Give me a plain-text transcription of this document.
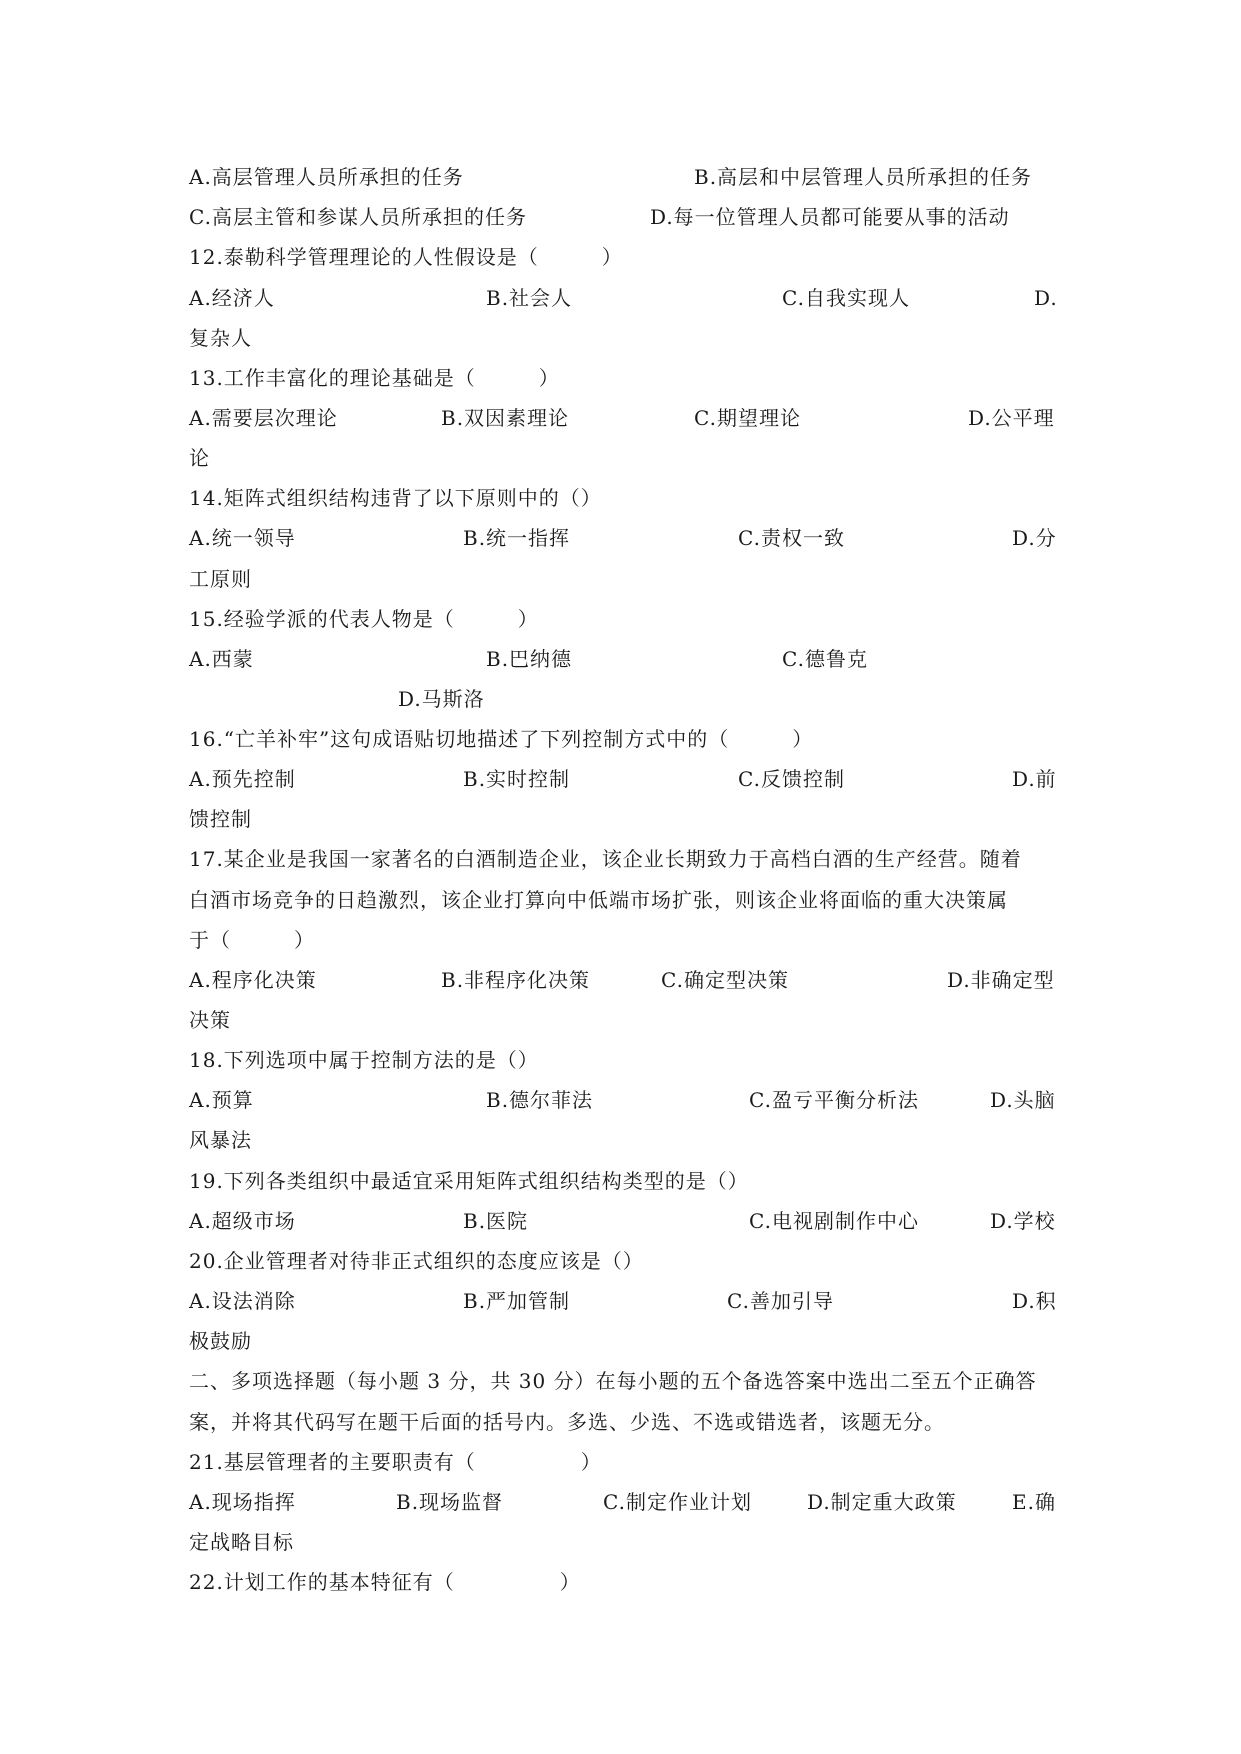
A.高层管理人员所承担的任务	B.高层和中层管理人员所承担的任务
C.高层主管和参谋人员所承担的任务	D.每一位管理人员都可能要从事的活动
12.泰勒科学管理理论的人性假设是（　　　）
A.经济人	B.社会人	C.自我实现人	D.
复杂人
13.工作丰富化的理论基础是（　　　）
A.需要层次理论	B.双因素理论	C.期望理论	D.公平理
论
14.矩阵式组织结构违背了以下原则中的（）
A.统一领导	B.统一指挥	C.责权一致	D.分
工原则
15.经验学派的代表人物是（　　　）
A.西蒙	B.巴纳德	C.德鲁克
D.马斯洛
16.“亡羊补牢”这句成语贴切地描述了下列控制方式中的（　　　）
A.预先控制	B.实时控制	C.反馈控制	D.前
馈控制
17.某企业是我国一家著名的白酒制造企业，该企业长期致力于高档白酒的生产经营。随着
白酒市场竞争的日趋激烈，该企业打算向中低端市场扩张，则该企业将面临的重大决策属
于（　　　）
A.程序化决策	B.非程序化决策	C.确定型决策	D.非确定型
决策
18.下列选项中属于控制方法的是（）
A.预算	B.德尔菲法	C.盈亏平衡分析法	D.头脑
风暴法
19.下列各类组织中最适宜采用矩阵式组织结构类型的是（）
A.超级市场	B.医院	C.电视剧制作中心	D.学校
20.企业管理者对待非正式组织的态度应该是（）
A.设法消除	B.严加管制	C.善加引导	D.积
极鼓励
二、多项选择题（每小题 3 分，共 30 分）在每小题的五个备选答案中选出二至五个正确答
案，并将其代码写在题干后面的括号内。多选、少选、不选或错选者，该题无分。
21.基层管理者的主要职责有（　　　　　）
A.现场指挥	B.现场监督	C.制定作业计划	D.制定重大政策	E.确
定战略目标
22.计划工作的基本特征有（　　　　　）
